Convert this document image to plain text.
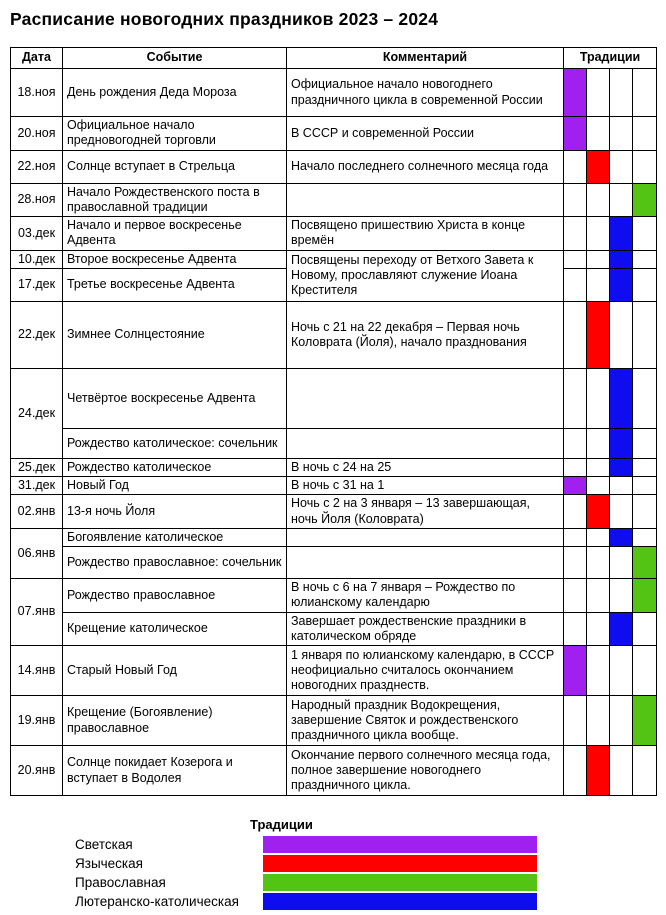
Расписание новогодних праздников 2023 – 2024
Дата	Событие	Комментарий	Традиции			
18.ноя	День рождения Деда Мороза	Официальное начало новогоднего праздничного цикла в современной России				
20.ноя	Официальное начало предновогодней торговли	В СССР и современной России				
22.ноя	Солнце вступает в Стрельца	Начало последнего солнечного месяца года				
28.ноя	Начало Рождественского поста в православной традиции					
03.дек	Начало и первое воскресенье Адвента	Посвящено пришествию Христа в конце времён				
10.дек	Второе воскресенье Адвента	Посвящены переходу от Ветхого Завета к Новому, прославляют служение Иоана Крестителя				
17.дек	Третье воскресенье Адвента					
22.дек	Зимнее Солнцестояние	Ночь с 21 на 22 декабря – Первая ночь Коловрата (Йоля), начало празднования				
24.дек	Четвёртое воскресенье Адвента					
	Рождество католическое: сочельник					
25.дек	Рождество католическое	В ночь с 24 на 25				
31.дек	Новый Год	В ночь с 31 на 1				
02.янв	13-я ночь Йоля	Ночь с 2 на 3 января – 13 завершающая, ночь Йоля (Коловрата)				
06.янв	Богоявление католическое					
	Рождество православное: сочельник					
07.янв	Рождество православное	В ночь с 6 на 7 января – Рождество по юлианскому календарю				
	Крещение католическое	Завершает рождественские праздники в католическом обряде				
14.янв	Старый Новый Год	1 января по юлианскому календарю, в СССР неофициально считалось окончанием новогодних празднеств.				
19.янв	Крещение (Богоявление) православное	Народный праздник Водокрещения, завершение Святок и рождественского праздничного цикла вообще.				
20.янв	Солнце покидает Козерога и вступает в Водолея	Окончание первого солнечного месяца года, полное завершение новогоднего праздничного цикла.				
Традиции
Светская
Языческая
Православная
Лютеранско-католическая
